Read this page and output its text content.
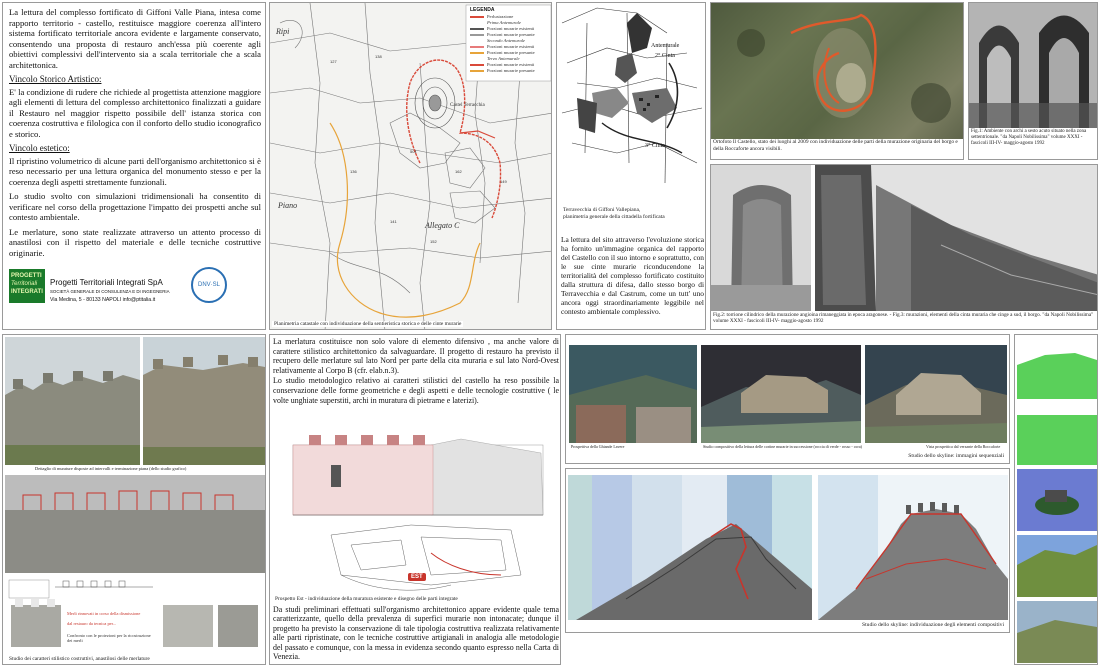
La lettura del complesso fortificato di Giffoni Valle Piana, intesa come rapporto territorio - castello, restituisce maggiore coerenza all'intero sistema fortificato territoriale ancora evidente e largamente conservato, consentendo una proposta di restauro anch'essa più coerente agli obiettivi complessivi dell'intervento sia a scala territoriale che a scala architettonica.

Vincolo Storico Artistico:

E' la condizione di rudere che richiede al progettista attenzione maggiore agli elementi di lettura del complesso architettonico finalizzati a guidare il Restauro nel maggior rispetto possibile dell' istanza storica con coerenza costruttiva e filologica con il conforto dello studio iconografico e storico.

Vincolo estetico:

Il ripristino volumetrico di alcune parti dell'organismo architettonico si è reso necessario per una lettura organica del monumento stesso e per la coerenza degli aspetti strettamente funzionali.

Lo studio svolto con simulazioni tridimensionali ha consentito di verificare nel corso della progettazione l'impatto dei prospetti anche sul contesto ambientale.

Le merlature, sono state realizzate attraverso un attento processo di anastilosi con il rispetto del materiale e delle tecniche costruttive originarie.

PROGETTI
Territoriali
INTEGRATI
Progetti Territoriali Integrati SpA
SOCIETÀ GENERALE DI CONSULENZA E DI INGEGNERIA
Via Medina, 5 - 80133 NAPOLI info@ptitalia.it
DNV·SL
127
138
501
162
149
136
141
152
Ripi
Piano
Castel Terracchia
Allegato C
LEGENDA
Perlustrazione
Prima Antemurale
Porzioni murarie esistenti
Porzioni murarie presunte
Secondo Antemurale
Porzioni murarie esistenti
Porzioni murarie presunte
Terzo Antemurale
Porzioni murarie esistenti
Porzioni murarie presunte
Planimetria catastale con individuazione della sentieristica storica e delle cinte murarie
Antemurale
2° Cinta
3° Cinta
Terravecchia di Giffoni Vallepiana,
planimetria generale della cittadella fortificata

La lettura del sito attraverso l'evoluzione storica ha fornito un'immagine organica del rapporto del Castello con il suo intorno e soprattutto, con le sue cinte murarie riconducendone la territorialità del complesso fortificato costituito dalla struttura di difesa, dallo stesso borgo di Terravecchia e dal Castrum, come un tutt' uno ancora oggi straordinariamente leggibile nel contesto ambientale complessivo.

Ortofoto Il Castello, stato dei luoghi al 2009 con individuazione delle parti della murazione originaria del borgo e della Roccaforte ancora visibili.
Fig.1: Ambiente con archi a sesto acuto situato nella zona settentrionale. "da Napoli Nobilissima" volume XXXI - fascicoli III-IV- maggio-agosto 1992
Fig.2: torrione cilindrico della murazione angioina rimaneggiata in epoca aragonese. - Fig.3: murazioni, elementi della cinta muraria che cinge a sud, il borgo. "da Napoli Nobilissima" volume XXXI - fascicoli III-IV- maggio-agosto 1992
Dettaglio di murature disposte ad intervalli e terminazione piana (dello studio grafico)
Merli rinnovati in corso della dismissione
dal restauro da tecnica per...
Confronto con le proiezioni per la ricostruzione dei merli
Studio dei caratteri stilistico costruttivi, anastilosi delle merlature

La merlatura costituisce non solo valore di elemento difensivo , ma anche valore di carattere stilistico architettonico da salvaguardare. Il progetto di restauro ha previsto il recupero delle merlature sul lato Nord per parte della cita muraria e sul lato Nord-Ovest relativamente al Corpo B (cfr. elab.n.3).

Lo studio metodologico relativo ai caratteri stilistici del castello ha reso possibile la conservazione delle forme geometriche e degli aspetti e delle tecnologie costruttive ( le volte unghiate superstiti, archi in muratura di pietrame e laterizi).

EST
Prospetto Est - individuazione della muratura esistente e disegno delle parti integrate

Da studi preliminari effettuati sull'organismo architettonico appare evidente quale tema caratterizzante, quello della prevalenza di superfici murarie non intonacate; dunque il progetto ha previsto la conservazione di tale tipologia costruttiva realizzata relativamente alle parti ripristinate, con le tecniche costruttive artigianali in analogia alle metodologie del passato e comunque, con la messa in evidenza secondo quanto espresso nella Carta di Venezia.

Prospettiva della Ghiande Lavere	Studio compositivo della lettura delle cortine murarie in successione (roccia di verde - rosso - ocra)	Vista prospettica dal versante della Roccaforte
Studio dello skyline: immagini sequenziali
Studio dello skyline: individuazione degli elementi compositivi
